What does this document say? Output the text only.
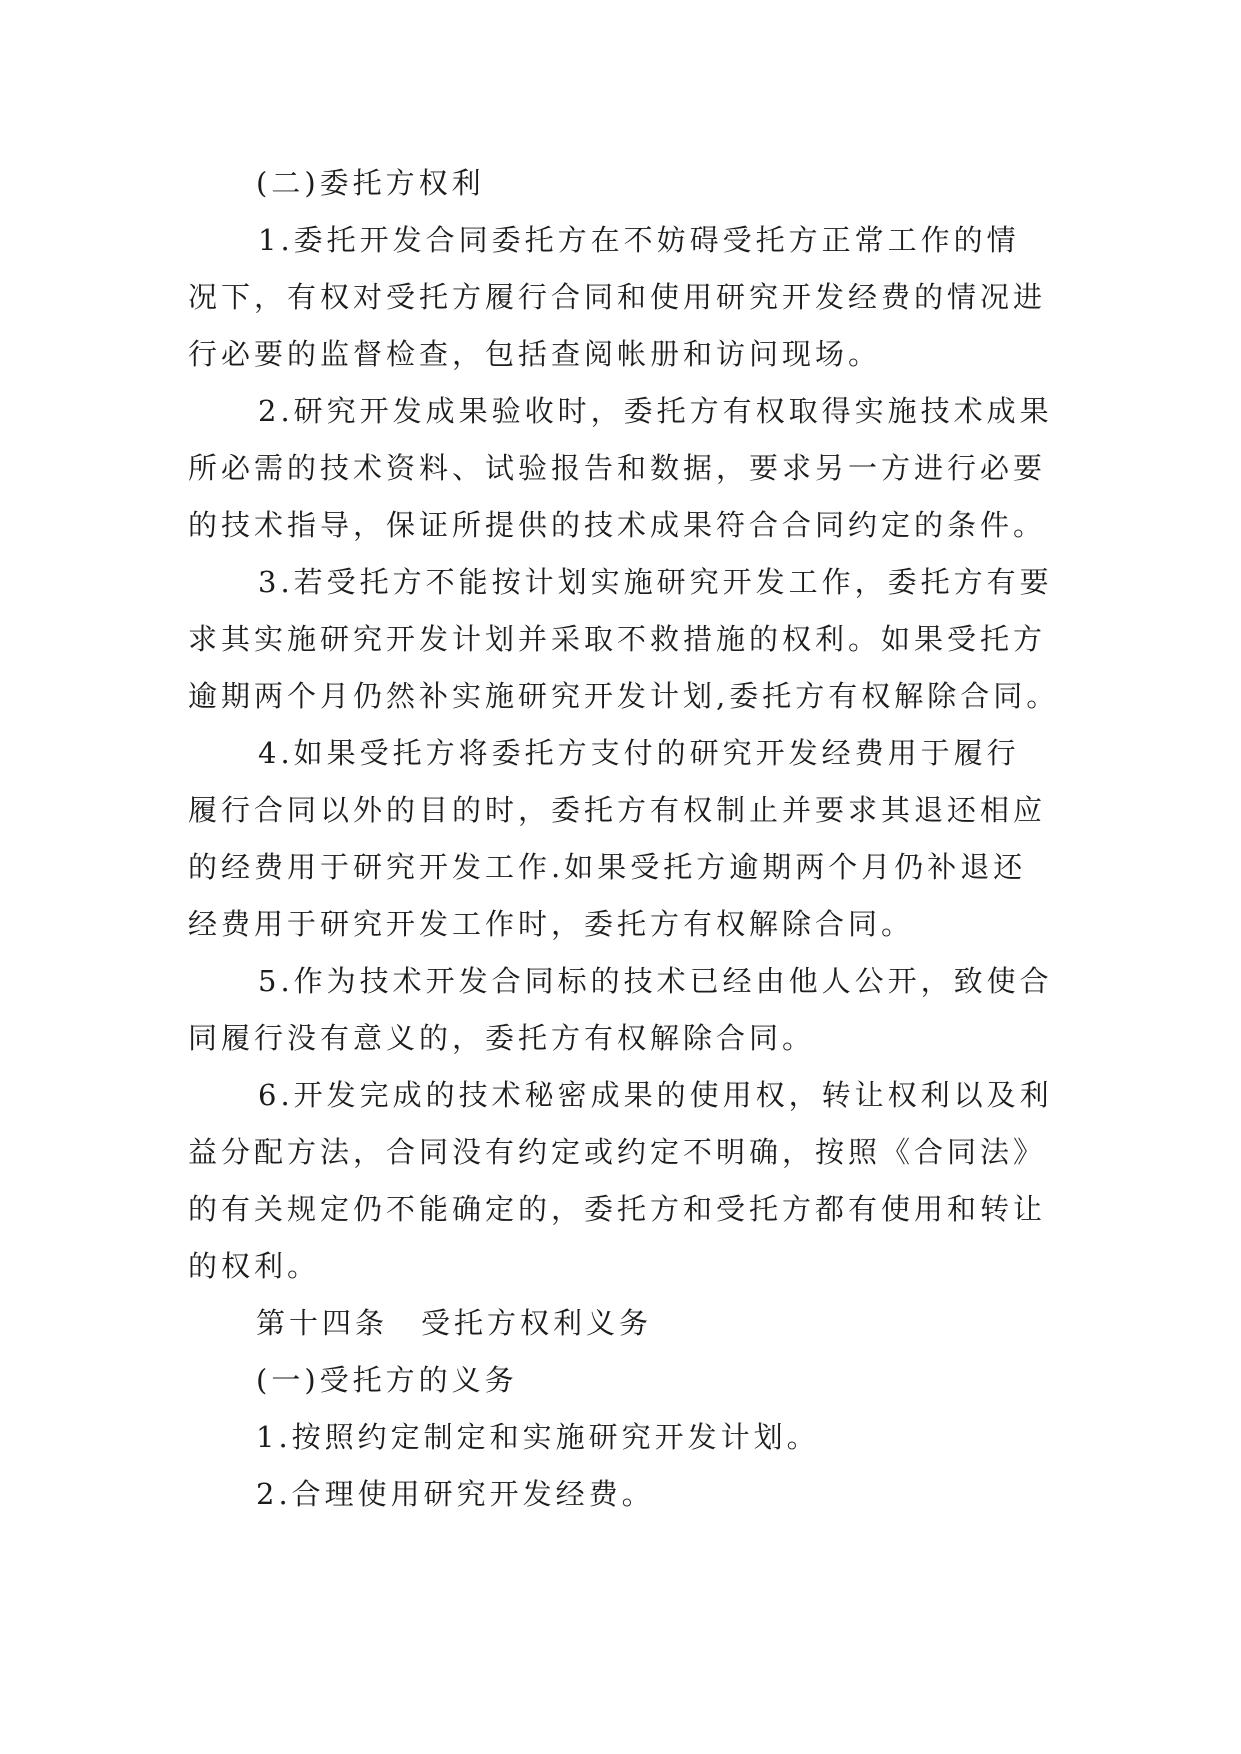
(二)委托方权利
1.委托开发合同委托方在不妨碍受托方正常工作的情
况下，有权对受托方履行合同和使用研究开发经费的情况进
行必要的监督检查，包括查阅帐册和访问现场。
2.研究开发成果验收时，委托方有权取得实施技术成果
所必需的技术资料、试验报告和数据，要求另一方进行必要
的技术指导，保证所提供的技术成果符合合同约定的条件。
3.若受托方不能按计划实施研究开发工作，委托方有要
求其实施研究开发计划并采取不救措施的权利。如果受托方
逾期两个月仍然补实施研究开发计划,委托方有权解除合同。
4.如果受托方将委托方支付的研究开发经费用于履行
履行合同以外的目的时，委托方有权制止并要求其退还相应
的经费用于研究开发工作.如果受托方逾期两个月仍补退还
经费用于研究开发工作时，委托方有权解除合同。
5.作为技术开发合同标的技术已经由他人公开，致使合
同履行没有意义的，委托方有权解除合同。
6.开发完成的技术秘密成果的使用权，转让权利以及利
益分配方法，合同没有约定或约定不明确，按照《合同法》
的有关规定仍不能确定的，委托方和受托方都有使用和转让
的权利。
第十四条　受托方权利义务
(一)受托方的义务
1.按照约定制定和实施研究开发计划。
2.合理使用研究开发经费。
